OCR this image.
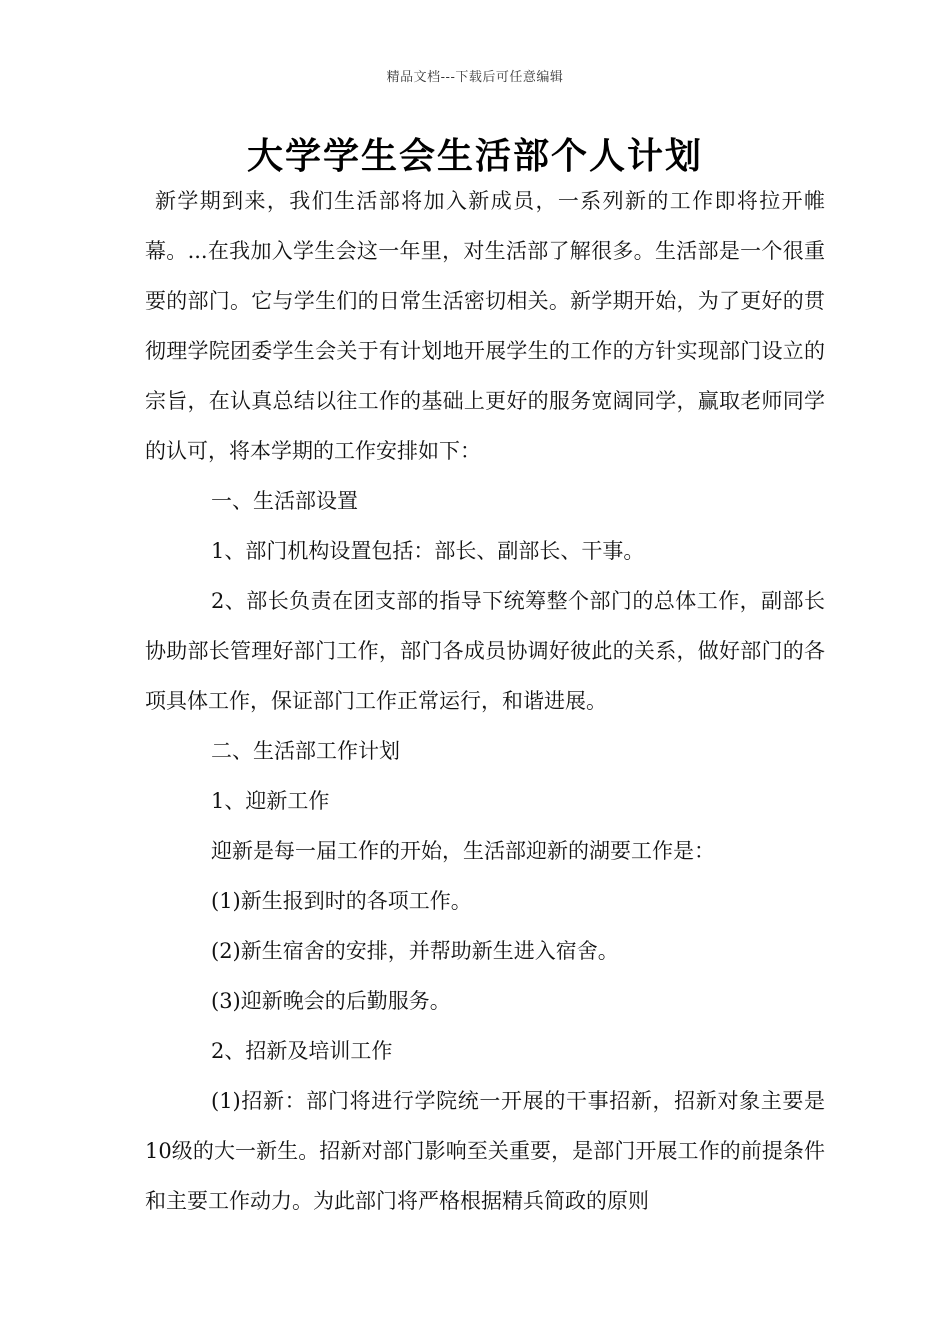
精品文档---下载后可任意编辑
大学学生会生活部个人计划

新学期到来，我们生活部将加入新成员，一系列新的工作即将拉开帷幕。...在我加入学生会这一年里，对生活部了解很多。生活部是一个很重要的部门。它与学生们的日常生活密切相关。新学期开始，为了更好的贯彻理学院团委学生会关于有计划地开展学生的工作的方针实现部门设立的宗旨，在认真总结以往工作的基础上更好的服务宽阔同学，赢取老师同学的认可，将本学期的工作安排如下：

一、生活部设置

1、部门机构设置包括：部长、副部长、干事。

2、部长负责在团支部的指导下统筹整个部门的总体工作，副部长协助部长管理好部门工作，部门各成员协调好彼此的关系，做好部门的各项具体工作，保证部门工作正常运行，和谐进展。

二、生活部工作计划

1、迎新工作

迎新是每一届工作的开始，生活部迎新的湖要工作是：

(1)新生报到时的各项工作。

(2)新生宿舍的安排，并帮助新生进入宿舍。

(3)迎新晚会的后勤服务。

2、招新及培训工作

(1)招新：部门将进行学院统一开展的干事招新，招新对象主要是10级的大一新生。招新对部门影响至关重要，是部门开展工作的前提条件和主要工作动力。为此部门将严格根据精兵简政的原则
